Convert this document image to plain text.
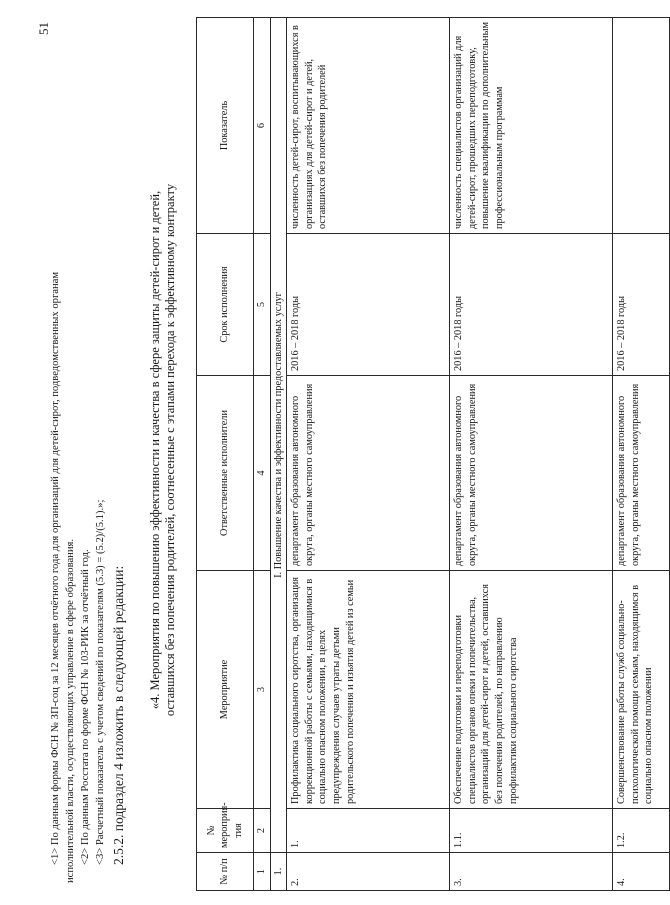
51

<1> По данным формы ФСН № ЗП-соц за 12 месяцев отчётного года для организаций для детей-сирот, подведомственных органам исполнительной власти, осуществляющих управление в сфере образования. <2> По данным Росстата по форме ФСН № 103-РИК за отчётный год. <3> Расчетный показатель с учетом сведений по показателям (5.3) = (5.2)/(5.1).»; 2.5.2. подраздел 4 изложить в следующей редакции:

«4. Мероприятия по повышению эффективности и качества в сфере защиты детей-сирот и детей, оставшихся без попечения родителей, соотнесенные с этапами перехода к эффективному контракту
№ п/п	№ мероприя-тия	Мероприятие	Ответственные исполнители	Срок исполнения	Показатель
1	2	3	4	5	6
1.	I. Повышение качества и эффективности предоставляемых услуг				
2.	1.	Профилактика социального сиротства, организация коррекционной работы с семьями, находящимися в социально опасном положении, в целях предупреждения случаев утраты детьми родительского попечения и изъятия детей из семьи	департамент образования автономного округа, органы местного самоуправления	2016 – 2018 годы	численность детей-сирот, воспитывающихся в организациях для детей-сирот и детей, оставшихся без попечения родителей
3.	1.1.	Обеспечение подготовки и переподготовки специалистов органов опеки и попечительства, организаций для детей-сирот и детей, оставшихся без попечения родителей, по направлению профилактики социального сиротства	департамент образования автономного округа, органы местного самоуправления	2016 – 2018 годы	численность специалистов организаций для детей-сирот, прошедших переподготовку, повышение квалификации по дополнительным профессиональным программам
4.	1.2.	Совершенствование работы служб социально-психологической помощи семьям, находящимся в социально опасном положении	департамент образования автономного округа, органы местного самоуправления	2016 – 2018 годы	
